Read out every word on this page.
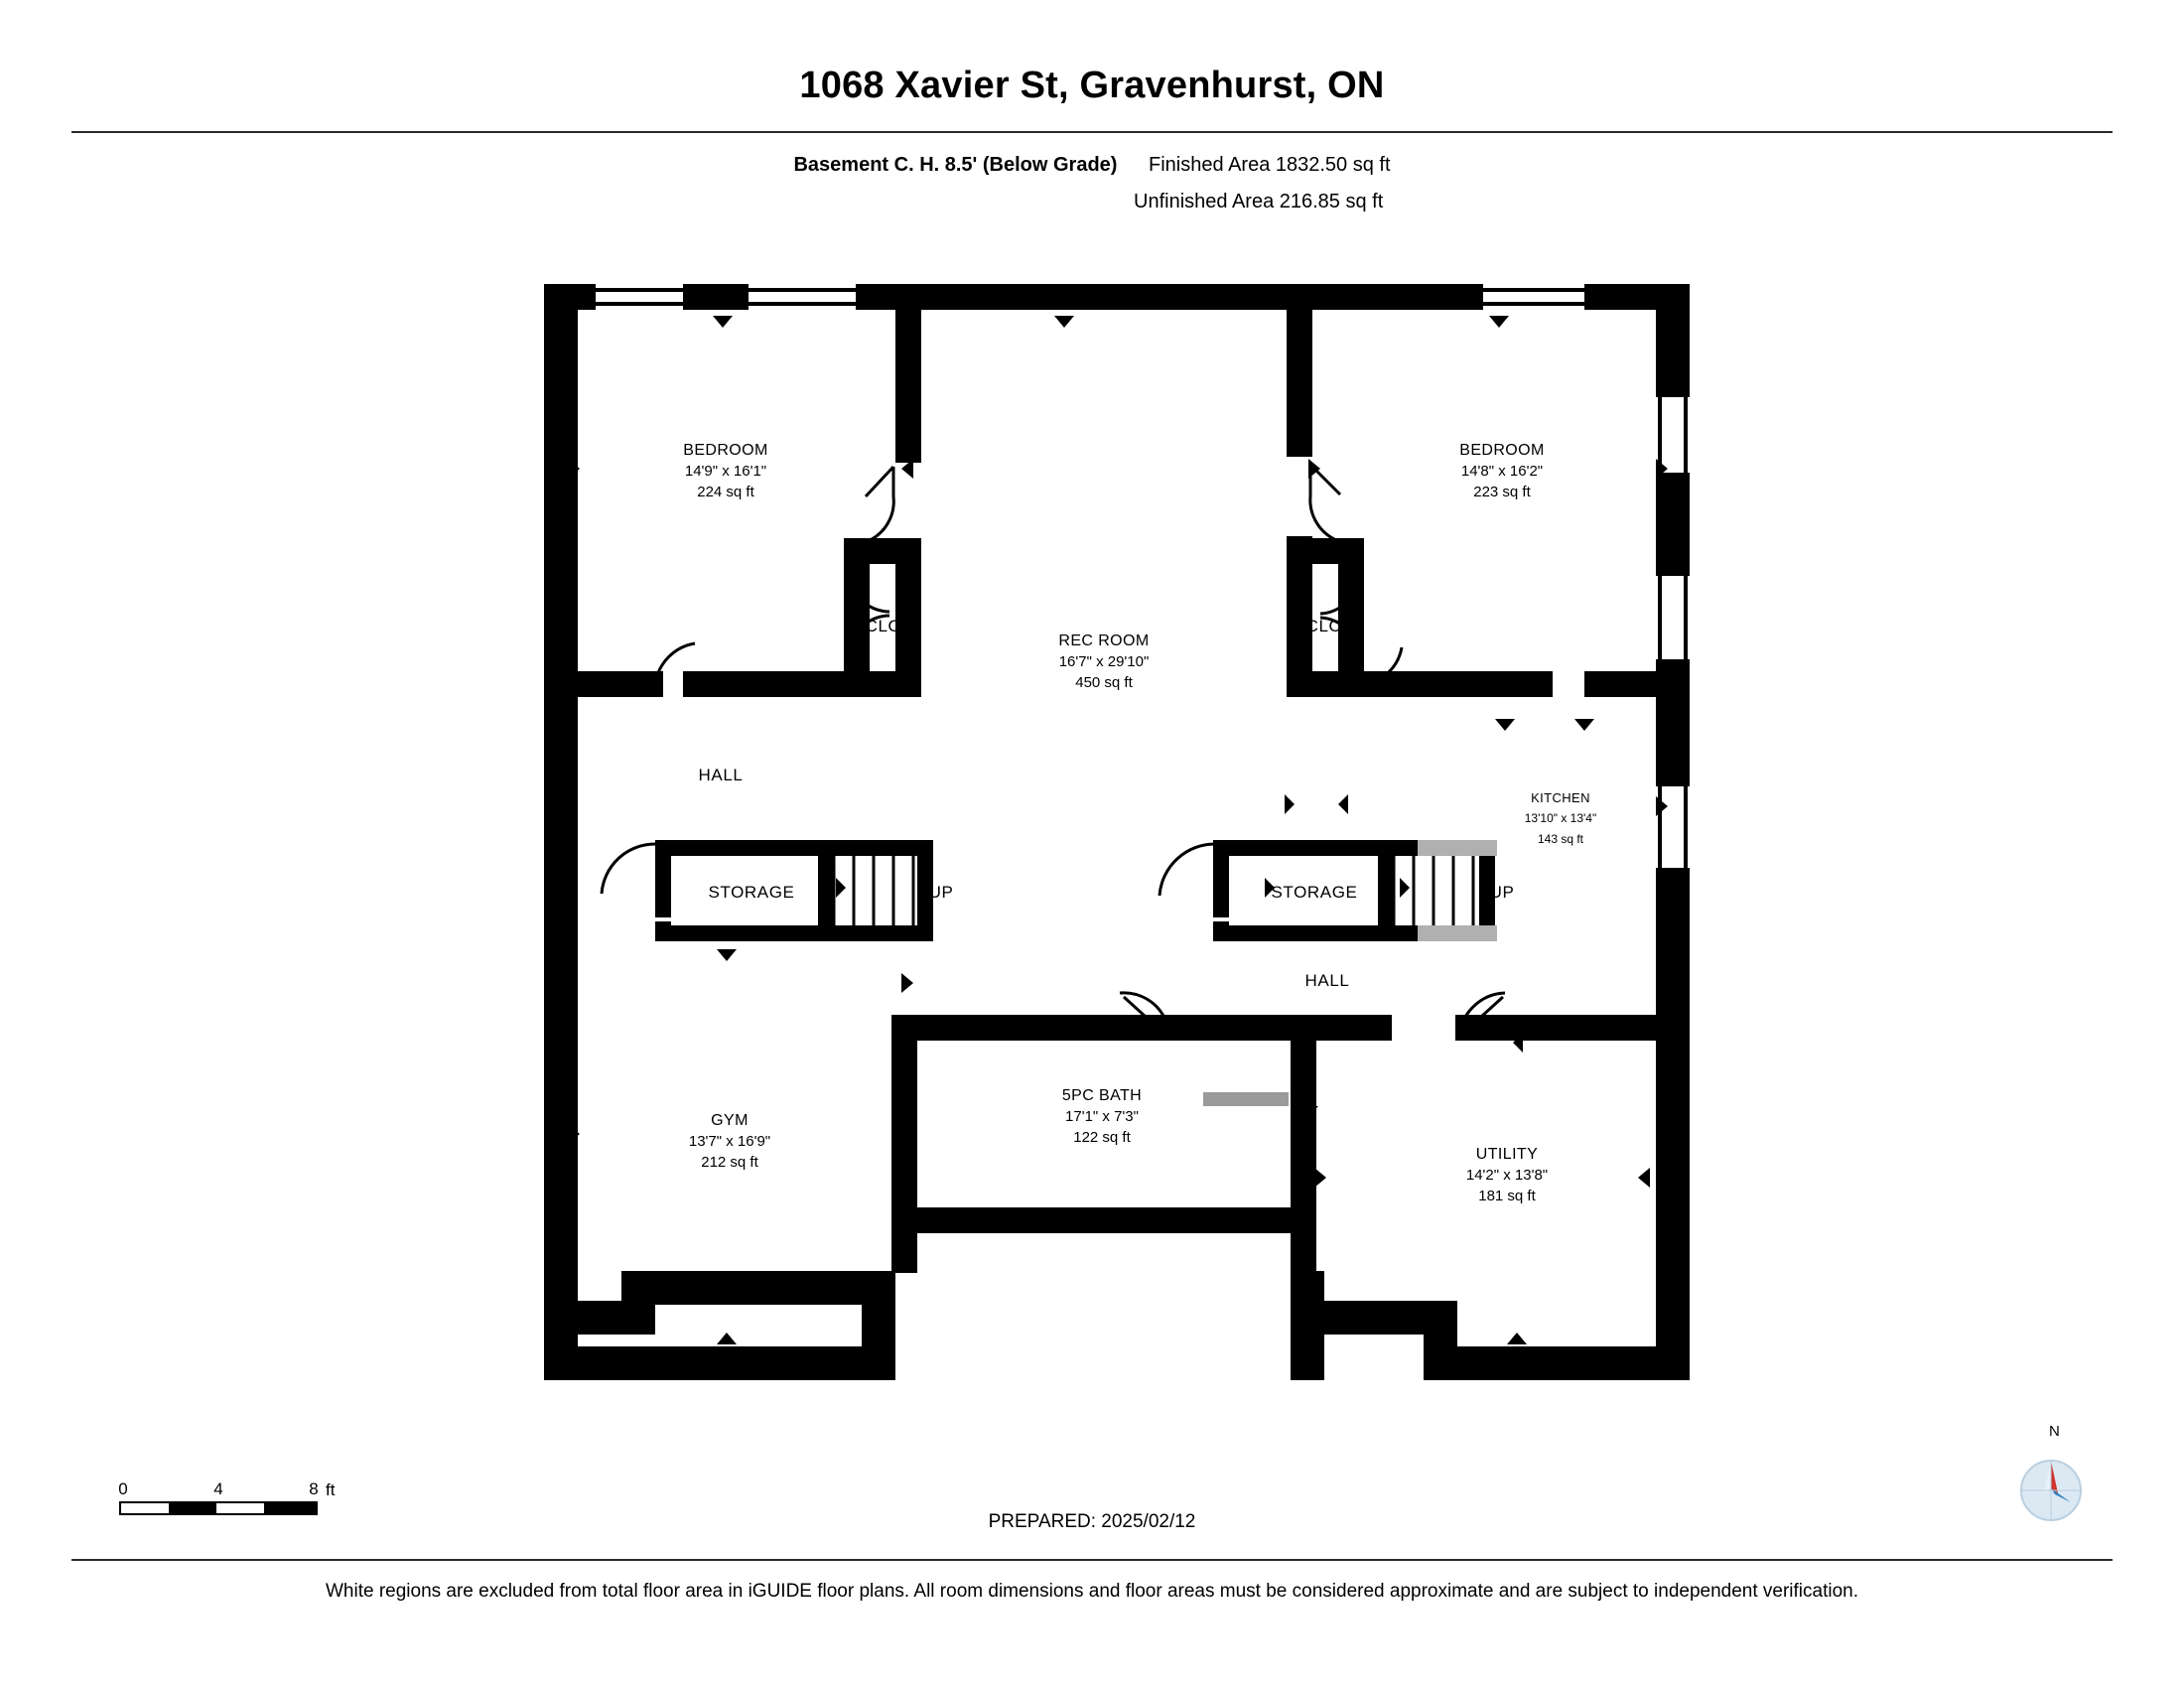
1068 Xavier St, Gravenhurst, ON
Basement C. H. 8.5' (Below Grade) Finished Area 1832.50 sq ft
Unfinished Area 216.85 sq ft
BEDROOM
14'9" x 16'1"
224 sq ft
BEDROOM
14'8" x 16'2"
223 sq ft
REC ROOM
16'7" x 29'10"
450 sq ft
CLO	CLO
HALL
HALL
STORAGE	STORAGE
UP	UP
KITCHEN
13'10" x 13'4"
143 sq ft
GYM
13'7" x 16'9"
212 sq ft
5PC BATH
17'1" x 7'3"
122 sq ft
UTILITY
14'2" x 13'8"
181 sq ft
0	4	8 ft
PREPARED: 2025/02/12
N
White regions are excluded from total floor area in iGUIDE floor plans. All room dimensions and floor areas must be considered approximate and are subject to independent verification.
